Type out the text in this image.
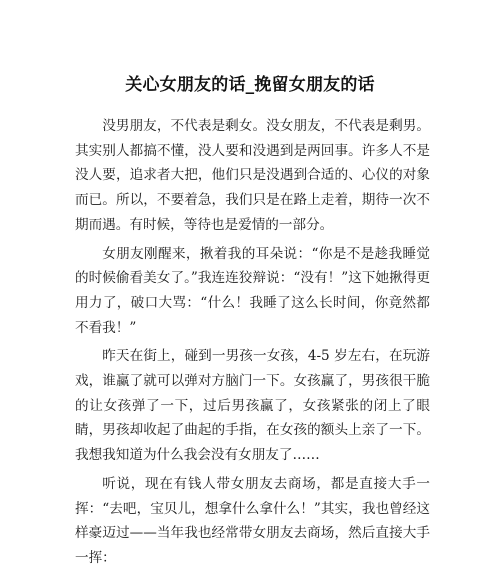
关心女朋友的话_挽留女朋友的话

没男朋友，不代表是剩女。没女朋友，不代表是剩男。其实别人都搞不懂，没人要和没遇到是两回事。许多人不是没人要，追求者大把，他们只是没遇到合适的、心仪的对象而已。所以，不要着急，我们只是在路上走着，期待一次不期而遇。有时候，等待也是爱情的一部分。

女朋友刚醒来，揪着我的耳朵说：“你是不是趁我睡觉的时候偷看美女了。”我连连狡辩说：“没有！”这下她揪得更用力了，破口大骂：“什么！我睡了这么长时间，你竟然都不看我！”

昨天在街上，碰到一男孩一女孩，4-5 岁左右，在玩游戏，谁赢了就可以弹对方脑门一下。女孩赢了，男孩很干脆的让女孩弹了一下，过后男孩赢了，女孩紧张的闭上了眼睛，男孩却收起了曲起的手指，在女孩的额头上亲了一下。我想我知道为什么我会没有女朋友了……

听说，现在有钱人带女朋友去商场，都是直接大手一挥：“去吧，宝贝儿，想拿什么拿什么！”其实，我也曾经这样豪迈过——当年我也经常带女朋友去商场，然后直接大手一挥：
